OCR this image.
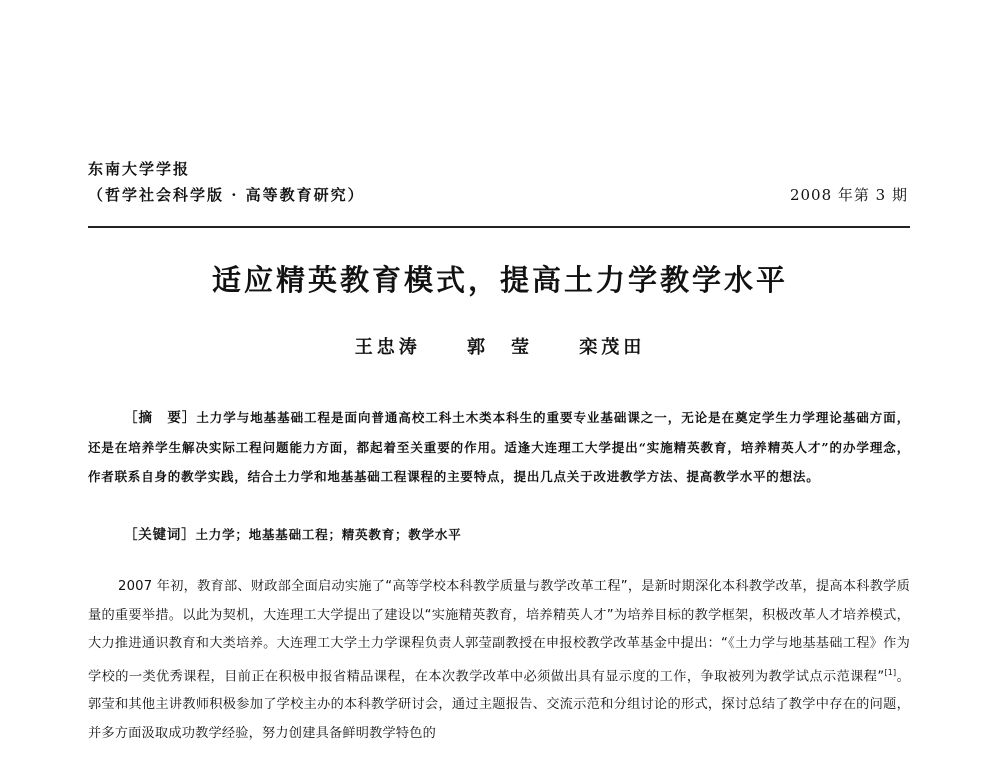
东南大学学报
（哲学社会科学版 · 高等教育研究）	2008 年第 3 期
适应精英教育模式，提高土力学教学水平
王忠涛	郭　莹	栾茂田
［摘　要］土力学与地基基础工程是面向普通高校工科土木类本科生的重要专业基础课之一，无论是在奠定学生力学理论基础方面，还是在培养学生解决实际工程问题能力方面，都起着至关重要的作用。适逢大连理工大学提出“实施精英教育，培养精英人才”的办学理念，作者联系自身的教学实践，结合土力学和地基基础工程课程的主要特点，提出几点关于改进教学方法、提高教学水平的想法。
［关键词］土力学；地基基础工程；精英教育；教学水平
2007 年初，教育部、财政部全面启动实施了“高等学校本科教学质量与教学改革工程”，是新时期深化本科教学改革，提高本科教学质量的重要举措。以此为契机，大连理工大学提出了建设以“实施精英教育，培养精英人才”为培养目标的教学框架，积极改革人才培养模式，大力推进通识教育和大类培养。大连理工大学土力学课程负责人郭莹副教授在申报校教学改革基金中提出：“《土力学与地基基础工程》作为学校的一类优秀课程，目前正在积极申报省精品课程，在本次教学改革中必须做出具有显示度的工作，争取被列为教学试点示范课程”[1]。郭莹和其他主讲教师积极参加了学校主办的本科教学研讨会，通过主题报告、交流示范和分组讨论的形式，探讨总结了教学中存在的问题，并多方面汲取成功教学经验，努力创建具备鲜明教学特色的
